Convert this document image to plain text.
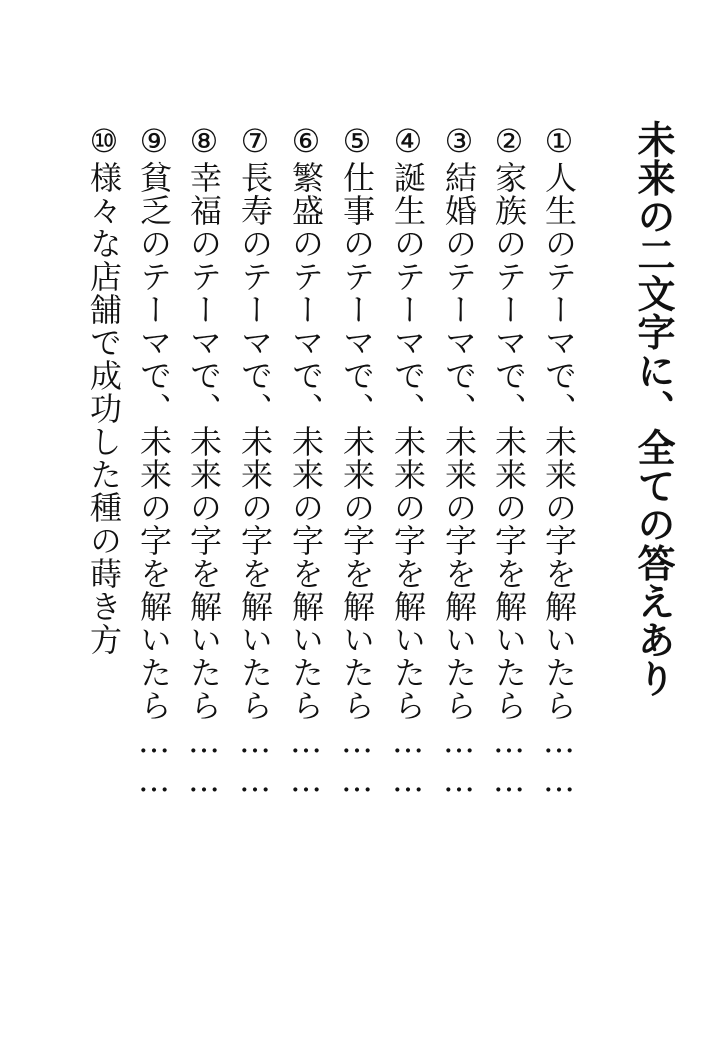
未来の二文字に、全ての答えあり
①人生のテーマで、未来の字を解いたら……
②家族のテーマで、未来の字を解いたら……
③結婚のテーマで、未来の字を解いたら……
④誕生のテーマで、未来の字を解いたら……
⑤仕事のテーマで、未来の字を解いたら……
⑥繁盛のテーマで、未来の字を解いたら……
⑦長寿のテーマで、未来の字を解いたら……
⑧幸福のテーマで、未来の字を解いたら……
⑨貧乏のテーマで、未来の字を解いたら……
⑩様々な店舗で成功した種の蒔き方
